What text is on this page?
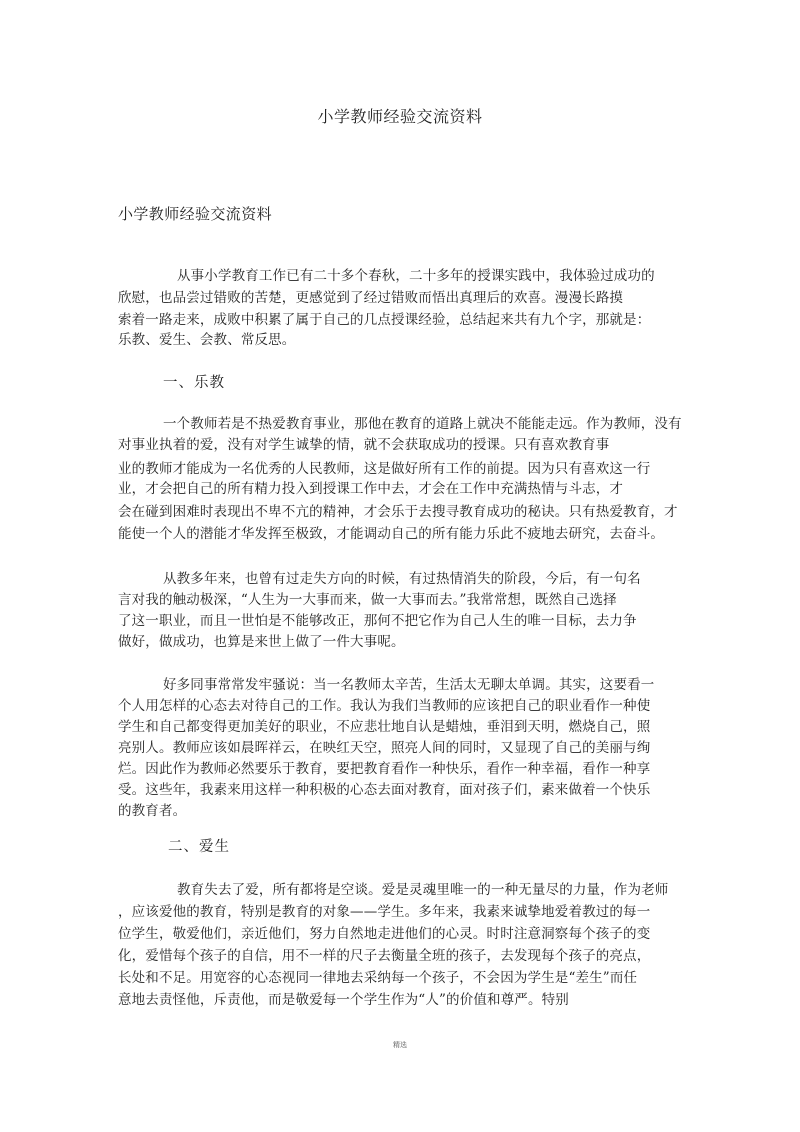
小学教师经验交流资料
小学教师经验交流资料
从事小学教育工作已有二十多个春秋，二十多年的授课实践中，我体验过成功的
欣慰，也品尝过错败的苦楚，更感觉到了经过错败而悟出真理后的欢喜。漫漫长路摸
索着一路走来，成败中积累了属于自己的几点授课经验，总结起来共有九个字，那就是：
乐教、爱生、会教、常反思。
一、乐教
一个教师若是不热爱教育事业，那他在教育的道路上就决不能能走远。作为教师，没有
对事业执着的爱，没有对学生诚挚的情，就不会获取成功的授课。只有喜欢教育事
业的教师才能成为一名优秀的人民教师，这是做好所有工作的前提。因为只有喜欢这一行
业，才会把自己的所有精力投入到授课工作中去，才会在工作中充满热情与斗志，才
会在碰到困难时表现出不卑不亢的精神，才会乐于去搜寻教育成功的秘诀。只有热爱教育，才
能使一个人的潜能才华发挥至极致，才能调动自己的所有能力乐此不疲地去研究，去奋斗。
从教多年来，也曾有过走失方向的时候，有过热情消失的阶段，今后，有一句名
言对我的触动极深，“人生为一大事而来，做一大事而去。”我常常想，既然自己选择
了这一职业，而且一世怕是不能够改正，那何不把它作为自己人生的唯一目标，去力争
做好，做成功，也算是来世上做了一件大事呢。
好多同事常常发牢骚说：当一名教师太辛苦，生活太无聊太单调。其实，这要看一
个人用怎样的心态去对待自己的工作。我认为我们当教师的应该把自己的职业看作一种使
学生和自己都变得更加美好的职业，不应悲壮地自认是蜡烛，垂泪到天明，燃烧自己，照
亮别人。教师应该如晨晖祥云，在映红天空，照亮人间的同时，又显现了自己的美丽与绚
烂。因此作为教师必然要乐于教育，要把教育看作一种快乐，看作一种幸福，看作一种享
受。这些年，我素来用这样一种积极的心态去面对教育，面对孩子们，素来做着一个快乐
的教育者。
二、爱生
教育失去了爱，所有都将是空谈。爱是灵魂里唯一的一种无量尽的力量，作为老师
，应该爱他的教育，特别是教育的对象——学生。多年来，我素来诚挚地爱着教过的每一
位学生，敬爱他们，亲近他们，努力自然地走进他们的心灵。时时注意洞察每个孩子的变
化，爱惜每个孩子的自信，用不一样的尺子去衡量全班的孩子，去发现每个孩子的亮点，
长处和不足。用宽容的心态视同一律地去采纳每一个孩子，不会因为学生是“差生”而任
意地去责怪他，斥责他，而是敬爱每一个学生作为“人”的价值和尊严。特别
精选
